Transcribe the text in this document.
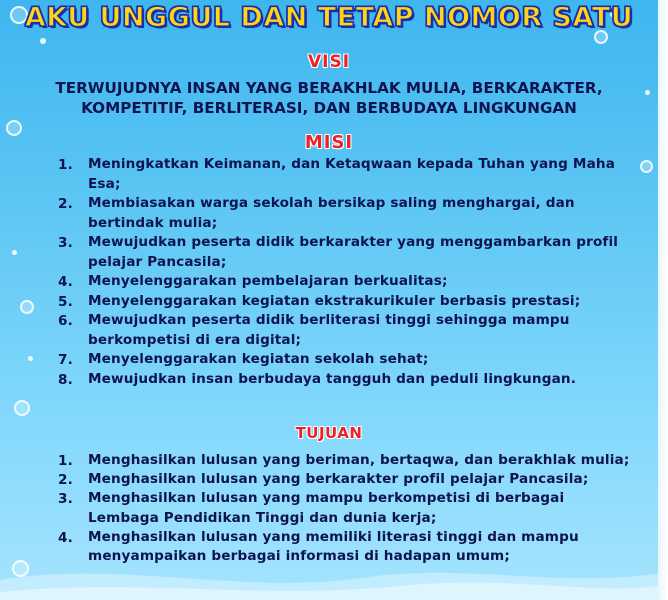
AKU UNGGUL DAN TETAP NOMOR SATU
VISI
TERWUJUDNYA INSAN YANG BERAKHLAK MULIA, BERKARAKTER, KOMPETITIF, BERLITERASI, DAN BERBUDAYA LINGKUNGAN
MISI
1.	Meningkatkan Keimanan, dan Ketaqwaan kepada Tuhan yang Maha Esa;
2.	Membiasakan warga sekolah bersikap saling menghargai, dan bertindak mulia;
3.	Mewujudkan peserta didik berkarakter yang menggambarkan profil pelajar Pancasila;
4.	Menyelenggarakan pembelajaran berkualitas;
5.	Menyelenggarakan kegiatan ekstrakurikuler berbasis prestasi;
6.	Mewujudkan peserta didik berliterasi tinggi sehingga mampu berkompetisi di era digital;
7.	Menyelenggarakan kegiatan sekolah sehat;
8.	Mewujudkan insan berbudaya tangguh dan peduli lingkungan.
TUJUAN
1.	Menghasilkan lulusan yang beriman, bertaqwa, dan berakhlak mulia;
2.	Menghasilkan lulusan yang berkarakter profil pelajar Pancasila;
3.	Menghasilkan lulusan yang mampu berkompetisi di berbagai Lembaga Pendidikan Tinggi dan dunia kerja;
4.	Menghasilkan lulusan yang memiliki literasi tinggi dan mampu menyampaikan berbagai informasi di hadapan umum;
